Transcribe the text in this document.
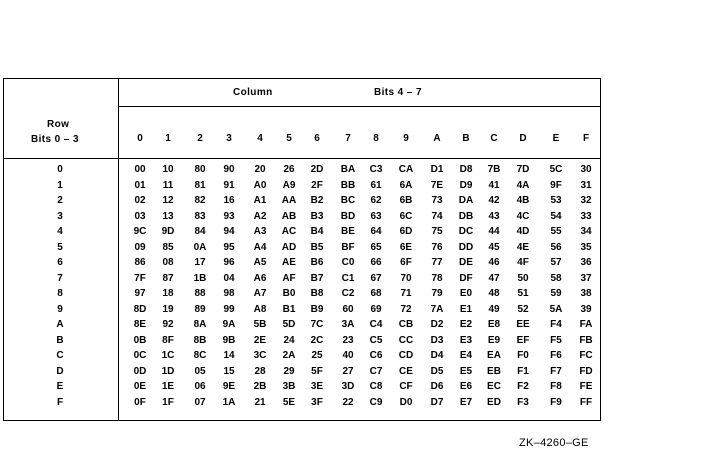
Column	Bits 4 – 7
Row
Bits 0 – 3	0	1	2	3	4	5	6	7	8	9	A	B	C	D	E	F
0	00	10	80	90	20	26	2D	BA	C3	CA	D1	D8	7B	7D	5C	30
1	01	11	81	91	A0	A9	2F	BB	61	6A	7E	D9	41	4A	9F	31
2	02	12	82	16	A1	AA	B2	BC	62	6B	73	DA	42	4B	53	32
3	03	13	83	93	A2	AB	B3	BD	63	6C	74	DB	43	4C	54	33
4	9C	9D	84	94	A3	AC	B4	BE	64	6D	75	DC	44	4D	55	34
5	09	85	0A	95	A4	AD	B5	BF	65	6E	76	DD	45	4E	56	35
6	86	08	17	96	A5	AE	B6	C0	66	6F	77	DE	46	4F	57	36
7	7F	87	1B	04	A6	AF	B7	C1	67	70	78	DF	47	50	58	37
8	97	18	88	98	A7	B0	B8	C2	68	71	79	E0	48	51	59	38
9	8D	19	89	99	A8	B1	B9	60	69	72	7A	E1	49	52	5A	39
A	8E	92	8A	9A	5B	5D	7C	3A	C4	CB	D2	E2	E8	EE	F4	FA
B	0B	8F	8B	9B	2E	24	2C	23	C5	CC	D3	E3	E9	EF	F5	FB
C	0C	1C	8C	14	3C	2A	25	40	C6	CD	D4	E4	EA	F0	F6	FC
D	0D	1D	05	15	28	29	5F	27	C7	CE	D5	E5	EB	F1	F7	FD
E	0E	1E	06	9E	2B	3B	3E	3D	C8	CF	D6	E6	EC	F2	F8	FE
F	0F	1F	07	1A	21	5E	3F	22	C9	D0	D7	E7	ED	F3	F9	FF
ZK–4260–GE
